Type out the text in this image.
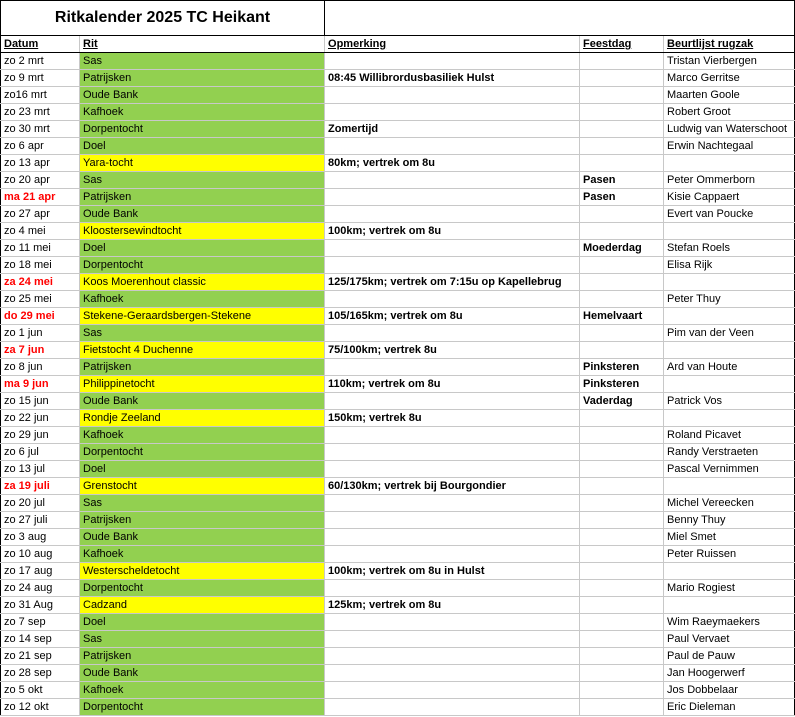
Ritkalender 2025 TC Heikant				
Datum	Rit	Opmerking	Feestdag	Beurtlijst rugzak
zo 2 mrt	Sas			Tristan Vierbergen
zo 9 mrt	Patrijsken	08:45 Willibrordusbasiliek Hulst		Marco Gerritse
zo16 mrt	Oude Bank			Maarten Goole
zo 23 mrt	Kafhoek			Robert Groot
zo 30 mrt	Dorpentocht	Zomertijd		Ludwig van Waterschoot
zo 6 apr	Doel			Erwin Nachtegaal
zo 13 apr	Yara-tocht	80km; vertrek om 8u		
zo 20 apr	Sas		Pasen	Peter Ommerborn
ma 21 apr	Patrijsken		Pasen	Kisie Cappaert
zo 27 apr	Oude Bank			Evert van Poucke
zo 4 mei	Kloostersewindtocht	100km; vertrek om 8u		
zo 11 mei	Doel		Moederdag	Stefan Roels
zo 18 mei	Dorpentocht			Elisa Rijk
za 24 mei	Koos Moerenhout classic	125/175km; vertrek om 7:15u op Kapellebrug		
zo 25 mei	Kafhoek			Peter Thuy
do 29 mei	Stekene-Geraardsbergen-Stekene	105/165km; vertrek om 8u	Hemelvaart	
zo 1 jun	Sas			Pim van der Veen
za 7 jun	Fietstocht 4 Duchenne	75/100km; vertrek 8u		
zo 8 jun	Patrijsken		Pinksteren	Ard van Houte
ma 9 jun	Philippinetocht	110km; vertrek om 8u	Pinksteren	
zo 15 jun	Oude Bank		Vaderdag	Patrick Vos
zo 22 jun	Rondje Zeeland	150km; vertrek 8u		
zo 29 jun	Kafhoek			Roland Picavet
zo 6 jul	Dorpentocht			Randy Verstraeten
zo 13 jul	Doel			Pascal Vernimmen
za 19 juli	Grenstocht	60/130km; vertrek bij Bourgondier		
zo 20 jul	Sas			Michel Vereecken
zo 27 juli	Patrijsken			Benny Thuy
zo 3 aug	Oude Bank			Miel Smet
zo 10 aug	Kafhoek			Peter Ruissen
zo 17 aug	Westerscheldetocht	100km; vertrek om 8u in Hulst		
zo 24 aug	Dorpentocht			Mario Rogiest
zo 31 Aug	Cadzand	125km; vertrek om 8u		
zo 7 sep	Doel			Wim Raeymaekers
zo 14 sep	Sas			Paul Vervaet
zo 21 sep	Patrijsken			Paul de Pauw
zo 28 sep	Oude Bank			Jan Hoogerwerf
zo 5 okt	Kafhoek			Jos Dobbelaar
zo 12 okt	Dorpentocht			Eric Dieleman
